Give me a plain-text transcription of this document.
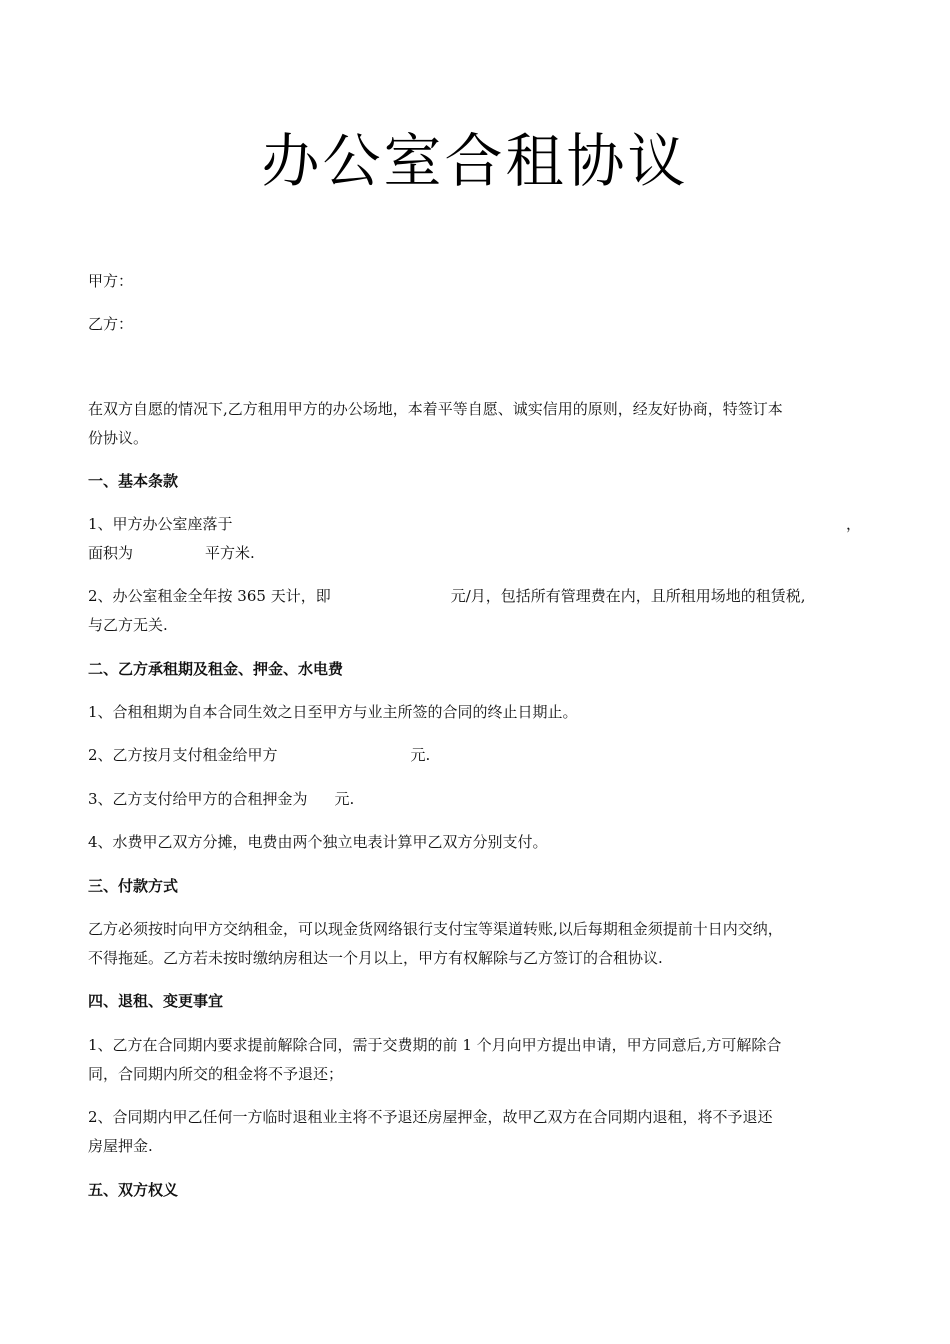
办公室合租协议
甲方：
乙方：
在双方自愿的情况下,乙方租用甲方的办公场地，本着平等自愿、诚实信用的原则，经友好协商，特签订本
份协议。
一、基本条款
1、甲方办公室座落于	，
面积为	平方米.
2、办公室租金全年按 365 天计，即	元/月，包括所有管理费在内，且所租用场地的租赁税,
与乙方无关.
二、乙方承租期及租金、押金、水电费
1、合租租期为自本合同生效之日至甲方与业主所签的合同的终止日期止。
2、乙方按月支付租金给甲方	元.
3、乙方支付给甲方的合租押金为 元.
4、水费甲乙双方分摊，电费由两个独立电表计算甲乙双方分别支付。
三、付款方式
乙方必须按时向甲方交纳租金，可以现金货网络银行支付宝等渠道转账,以后每期租金须提前十日内交纳，
不得拖延。乙方若未按时缴纳房租达一个月以上，甲方有权解除与乙方签订的合租协议.
四、退租、变更事宜
1、乙方在合同期内要求提前解除合同，需于交费期的前 1 个月向甲方提出申请，甲方同意后,方可解除合
同，合同期内所交的租金将不予退还；
2、合同期内甲乙任何一方临时退租业主将不予退还房屋押金，故甲乙双方在合同期内退租，将不予退还
房屋押金.
五、双方权义
